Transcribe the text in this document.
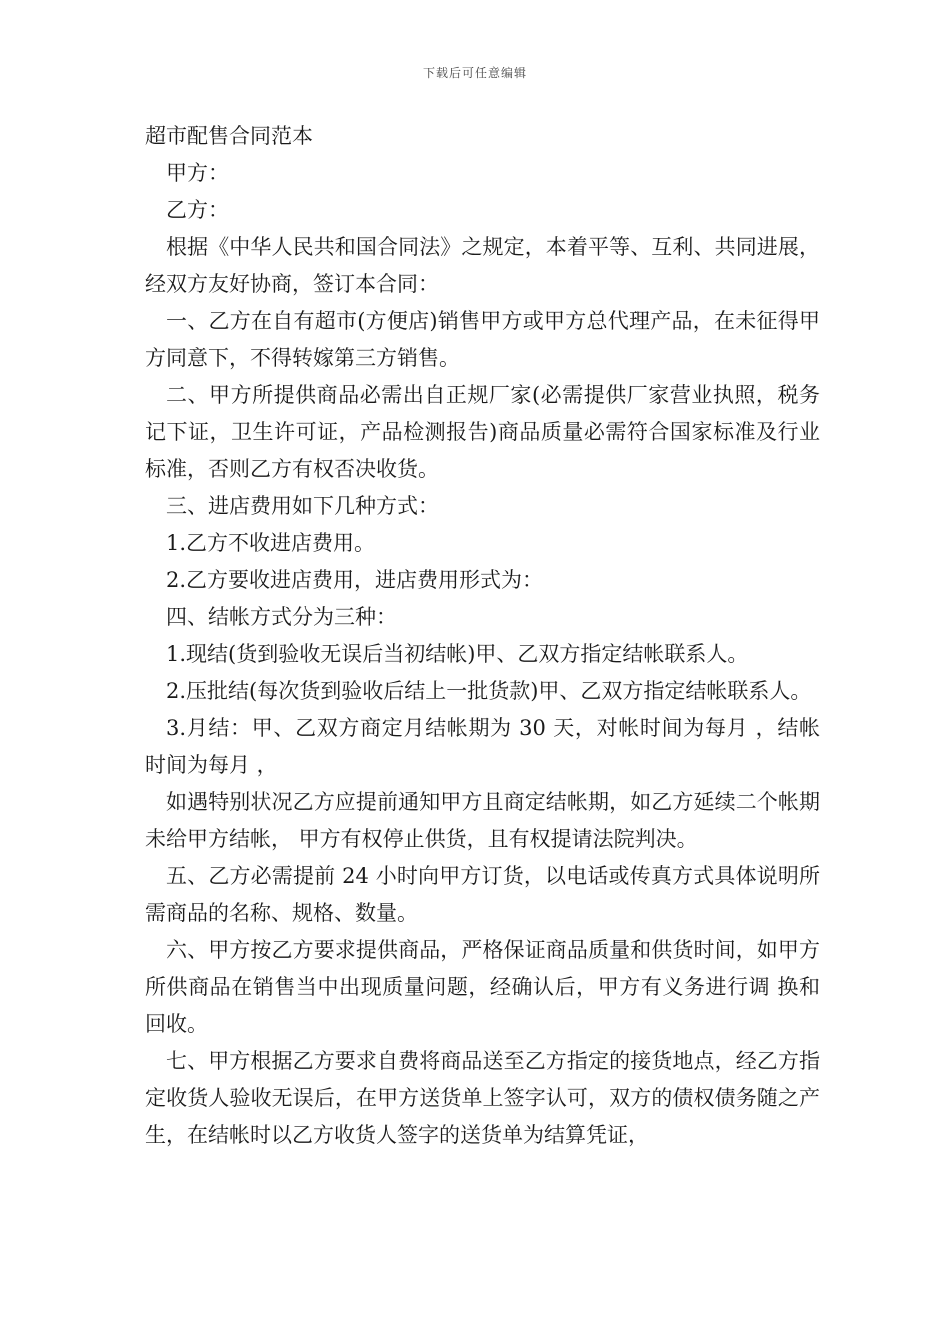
下载后可任意编辑
超市配售合同范本

甲方：

乙方：

根据《中华人民共和国合同法》之规定，本着平等、互利、共同进展，经双方友好协商，签订本合同：

一、乙方在自有超市(方便店)销售甲方或甲方总代理产品，在未征得甲方同意下，不得转嫁第三方销售。

二、甲方所提供商品必需出自正规厂家(必需提供厂家营业执照，税务记下证，卫生许可证，产品检测报告)商品质量必需符合国家标准及行业标准，否则乙方有权否决收货。

三、进店费用如下几种方式：

1.乙方不收进店费用。

2.乙方要收进店费用，进店费用形式为：

四、结帐方式分为三种：

1.现结(货到验收无误后当初结帐)甲、乙双方指定结帐联系人。

2.压批结(每次货到验收后结上一批货款)甲、乙双方指定结帐联系人。

3.月结：甲、乙双方商定月结帐期为 30 天，对帐时间为每月 ，结帐时间为每月 ，

如遇特别状况乙方应提前通知甲方且商定结帐期，如乙方延续二个帐期未给甲方结帐， 甲方有权停止供货，且有权提请法院判决。

五、乙方必需提前 24 小时向甲方订货，以电话或传真方式具体说明所需商品的名称、规格、数量。

六、甲方按乙方要求提供商品，严格保证商品质量和供货时间，如甲方所供商品在销售当中出现质量问题，经确认后，甲方有义务进行调 换和回收。

七、甲方根据乙方要求自费将商品送至乙方指定的接货地点，经乙方指定收货人验收无误后，在甲方送货单上签字认可，双方的债权债务随之产生，在结帐时以乙方收货人签字的送货单为结算凭证，
